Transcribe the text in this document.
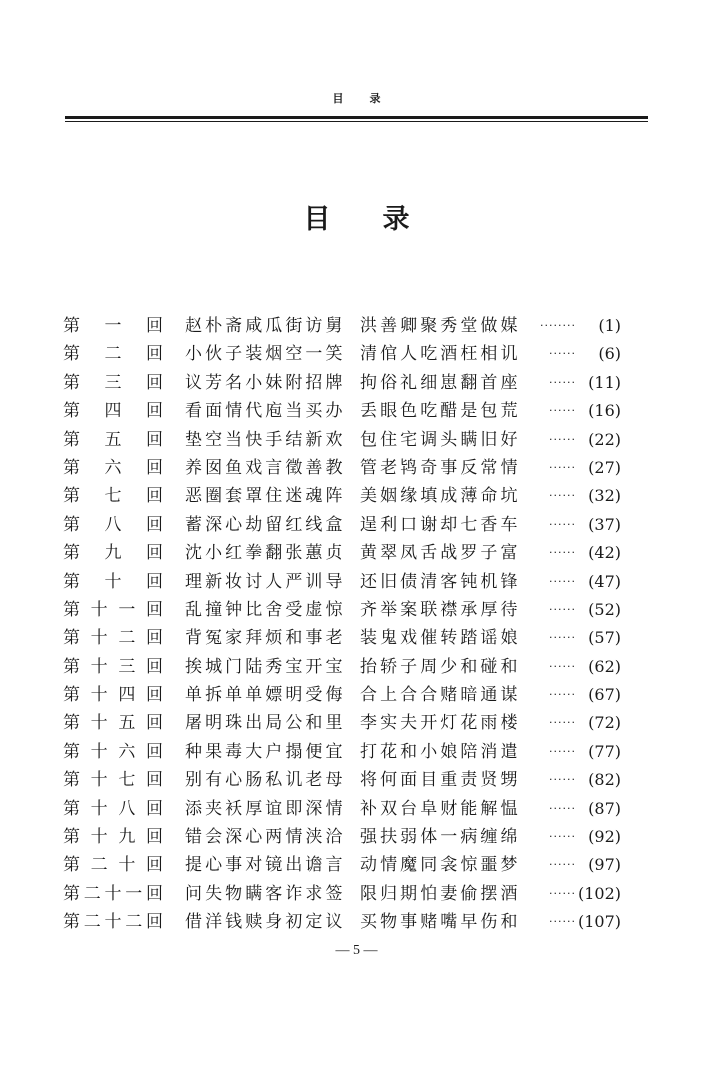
目录
目录
第一回 赵朴斋咸瓜街访舅 洪善卿聚秀堂做媒	········	(1)
第二回 小伙子装烟空一笑 清倌人吃酒枉相讥	······	(6)
第三回 议芳名小妹附招牌 拘俗礼细崽翻首座	······ (11)
第四回 看面情代庖当买办 丢眼色吃醋是包荒	······ (16)
第五回 垫空当快手结新欢 包住宅调头瞒旧好	······ (22)
第六回 养囡鱼戏言徵善教 管老鸨奇事反常情	······ (27)
第七回 恶圈套罩住迷魂阵 美姻缘填成薄命坑	······ (32)
第八回 蓄深心劫留红线盒 逞利口谢却七香车	······ (37)
第九回 沈小红拳翻张蕙贞 黄翠凤舌战罗子富	······ (42)
第十回 理新妆讨人严训导 还旧债清客钝机锋	······ (47)
第十一回 乱撞钟比舍受虚惊 齐举案联襟承厚待	······ (52)
第十二回 背冤家拜烦和事老 装鬼戏催转踏谣娘	······ (57)
第十三回 挨城门陆秀宝开宝 抬轿子周少和碰和	······ (62)
第十四回 单拆单单嫖明受侮 合上合合赌暗通谋	······ (67)
第十五回 屠明珠出局公和里 李实夫开灯花雨楼	······ (72)
第十六回 种果毒大户搨便宜 打花和小娘陪消遣	······ (77)
第十七回 别有心肠私讥老母 将何面目重责贤甥	······ (82)
第十八回 添夹袄厚谊即深情 补双台阜财能解愠	······ (87)
第十九回 错会深心两情浃洽 强扶弱体一病缠绵	······ (92)
第二十回 提心事对镜出谵言 动情魔同衾惊噩梦	······ (97)
第二十一回 问失物瞒客诈求签 限归期怕妻偷摆酒	······ (102)
第二十二回 借洋钱赎身初定议 买物事赌嘴早伤和	······ (107)
— 5 —
